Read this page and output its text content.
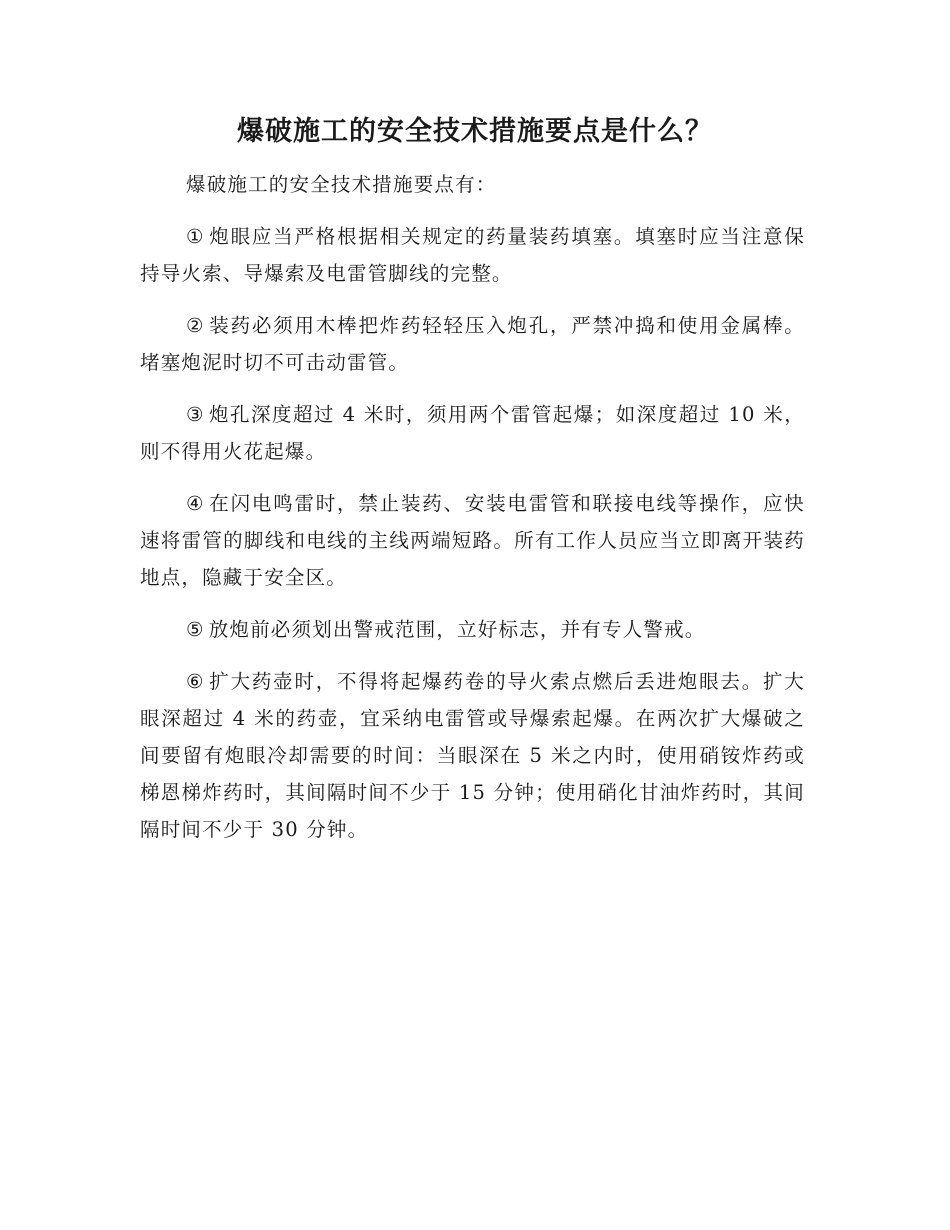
爆破施工的安全技术措施要点是什么？

爆破施工的安全技术措施要点有：

① 炮眼应当严格根据相关规定的药量装药填塞。填塞时应当注意保持导火索、导爆索及电雷管脚线的完整。

② 装药必须用木棒把炸药轻轻压入炮孔，严禁冲捣和使用金属棒。堵塞炮泥时切不可击动雷管。

③ 炮孔深度超过 4 米时，须用两个雷管起爆；如深度超过 10 米，则不得用火花起爆。

④ 在闪电鸣雷时，禁止装药、安装电雷管和联接电线等操作，应快速将雷管的脚线和电线的主线两端短路。所有工作人员应当立即离开装药地点，隐藏于安全区。

⑤ 放炮前必须划出警戒范围，立好标志，并有专人警戒。

⑥ 扩大药壶时，不得将起爆药卷的导火索点燃后丢进炮眼去。扩大眼深超过 4 米的药壶，宜采纳电雷管或导爆索起爆。在两次扩大爆破之间要留有炮眼冷却需要的时间：当眼深在 5 米之内时，使用硝铵炸药或梯恩梯炸药时，其间隔时间不少于 15 分钟；使用硝化甘油炸药时，其间隔时间不少于 30 分钟。
